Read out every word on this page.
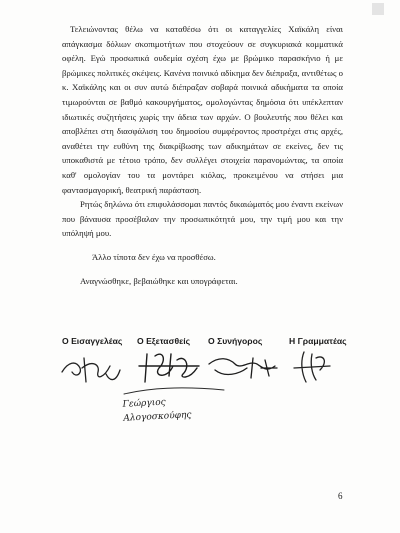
Τελειώνοντας θέλω να καταθέσω ότι οι καταγγελίες Χαϊκάλη είναι απάγκασμα δόλιων σκοπιμοτήτων που στοχεύουν σε συγκυριακά κομματικά οφέλη. Εγώ προσωπικά ουδεμία σχέση έχω με βρώμικο παρασκήνιο ή με βρώμικες πολιτικές σκέψεις. Κανένα ποινικό αδίκημα δεν διέπραξα, αντιθέτως ο κ. Χαϊκάλης και οι συν αυτώ διέπραξαν σοβαρά ποινικά αδικήματα τα οποία τιμωρούνται σε βαθμό κακουργήματος, ομολογώντας δημόσια ότι υπέκλεπταν ιδιωτικές συζητήσεις χωρίς την άδεια των αρχών. Ο βουλευτής που θέλει και αποβλέπει στη διασφάλιση του δημοσίου συμφέροντος προστρέχει στις αρχές, αναθέτει την ευθύνη της διακρίβωσης των αδικημάτων σε εκείνες, δεν τις υποκαθιστά με τέτοιο τρόπο, δεν συλλέγει στοιχεία παρανομώντας, τα οποία καθ' ομολογίαν του τα μοντάρει κιόλας, προκειμένου να στήσει μια φαντασμαγορική, θεατρική παράσταση.

Ρητώς δηλώνω ότι επιφυλάσσομαι παντός δικαιώματός μου έναντι εκείνων που βάναυσα προσέβαλαν την προσωπικότητά μου, την τιμή μου και την υπόληψή μου.

Άλλο τίποτα δεν έχω να προσθέσω.

Αναγνώσθηκε, βεβαιώθηκε και υπογράφεται.

Ο Εισαγγελέας Ο Εξετασθείς Ο Συνήγορος	Η Γραμματέας
Γεώργιος
Αλογοσκούφης
6
